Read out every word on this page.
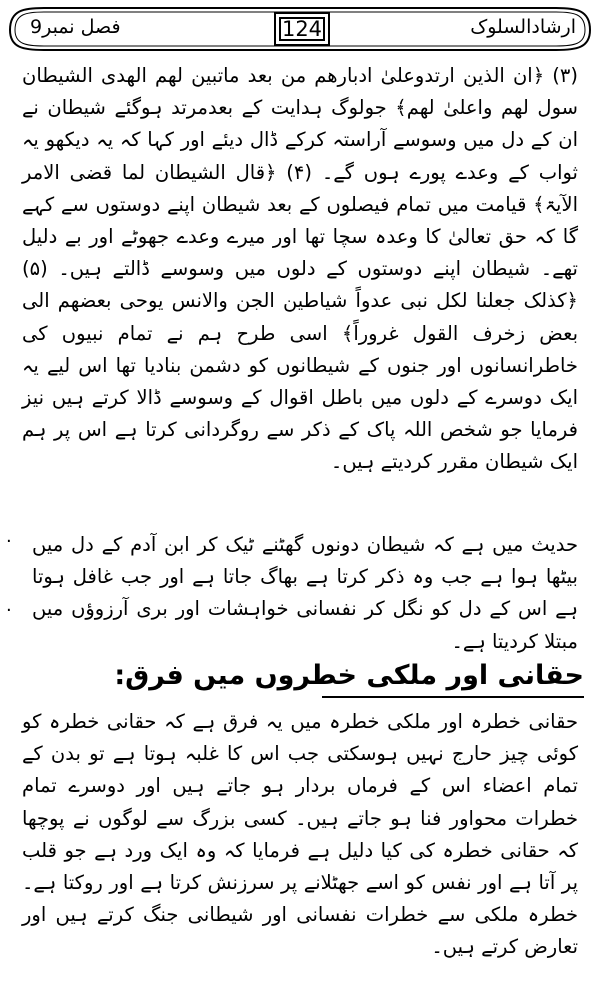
ارشادالسلوک
124
فصل نمبر9

(۳) ﴿ان الذین ارتدوعلیٰ ادبارھم من بعد ماتبین لھم الھدی الشیطان سول لھم واعلیٰ لھم﴾ جولوگ ہدایت کے بعدمرتد ہوگئے شیطان نے ان کے دل میں وسوسے آراستہ کرکے ڈال دیئے اور کہا کہ یہ دیکھو یہ ثواب کے وعدے پورے ہوں گے۔ (۴) ﴿قال الشیطان لما قضی الامر الآیۃ﴾ قیامت میں تمام فیصلوں کے بعد شیطان اپنے دوستوں سے کہے گا کہ حق تعالیٰ کا وعدہ سچا تھا اور میرے وعدے جھوٹے اور بے دلیل تھے۔ شیطان اپنے دوستوں کے دلوں میں وسوسے ڈالتے ہیں۔ (۵) ﴿کذلک جعلنا لکل نبی عدواً شیاطین الجن والانس یوحی بعضھم الی بعض زخرف القول غروراً﴾ اسی طرح ہم نے تمام نبیوں کی خاطرانسانوں اور جنوں کے شیطانوں کو دشمن بنادیا تھا اس لیے یہ ایک دوسرے کے دلوں میں باطل اقوال کے وسوسے ڈالا کرتے ہیں نیز فرمایا جو شخص اللہ پاک کے ذکر سے روگردانی کرتا ہے اس پر ہم ایک شیطان مقرر کردیتے ہیں۔

·
·

حدیث میں ہے کہ شیطان دونوں گھٹنے ٹیک کر ابن آدم کے دل میں بیٹھا ہوا ہے جب وہ ذکر کرتا ہے بھاگ جاتا ہے اور جب غافل ہوتا ہے اس کے دل کو نگل کر نفسانی خواہشات اور بری آرزوؤں میں مبتلا کردیتا ہے۔

حقانی اور ملکی خطروں میں فرق:

حقانی خطرہ اور ملکی خطرہ میں یہ فرق ہے کہ حقانی خطرہ کو کوئی چیز حارج نہیں ہوسکتی جب اس کا غلبہ ہوتا ہے تو بدن کے تمام اعضاء اس کے فرماں بردار ہو جاتے ہیں اور دوسرے تمام خطرات محواور فنا ہو جاتے ہیں۔ کسی بزرگ سے لوگوں نے پوچھا کہ حقانی خطرہ کی کیا دلیل ہے فرمایا کہ وہ ایک ورد ہے جو قلب پر آتا ہے اور نفس کو اسے جھٹلانے پر سرزنش کرتا ہے اور روکتا ہے۔ خطرہ ملکی سے خطرات نفسانی اور شیطانی جنگ کرتے ہیں اور تعارض کرتے ہیں۔
